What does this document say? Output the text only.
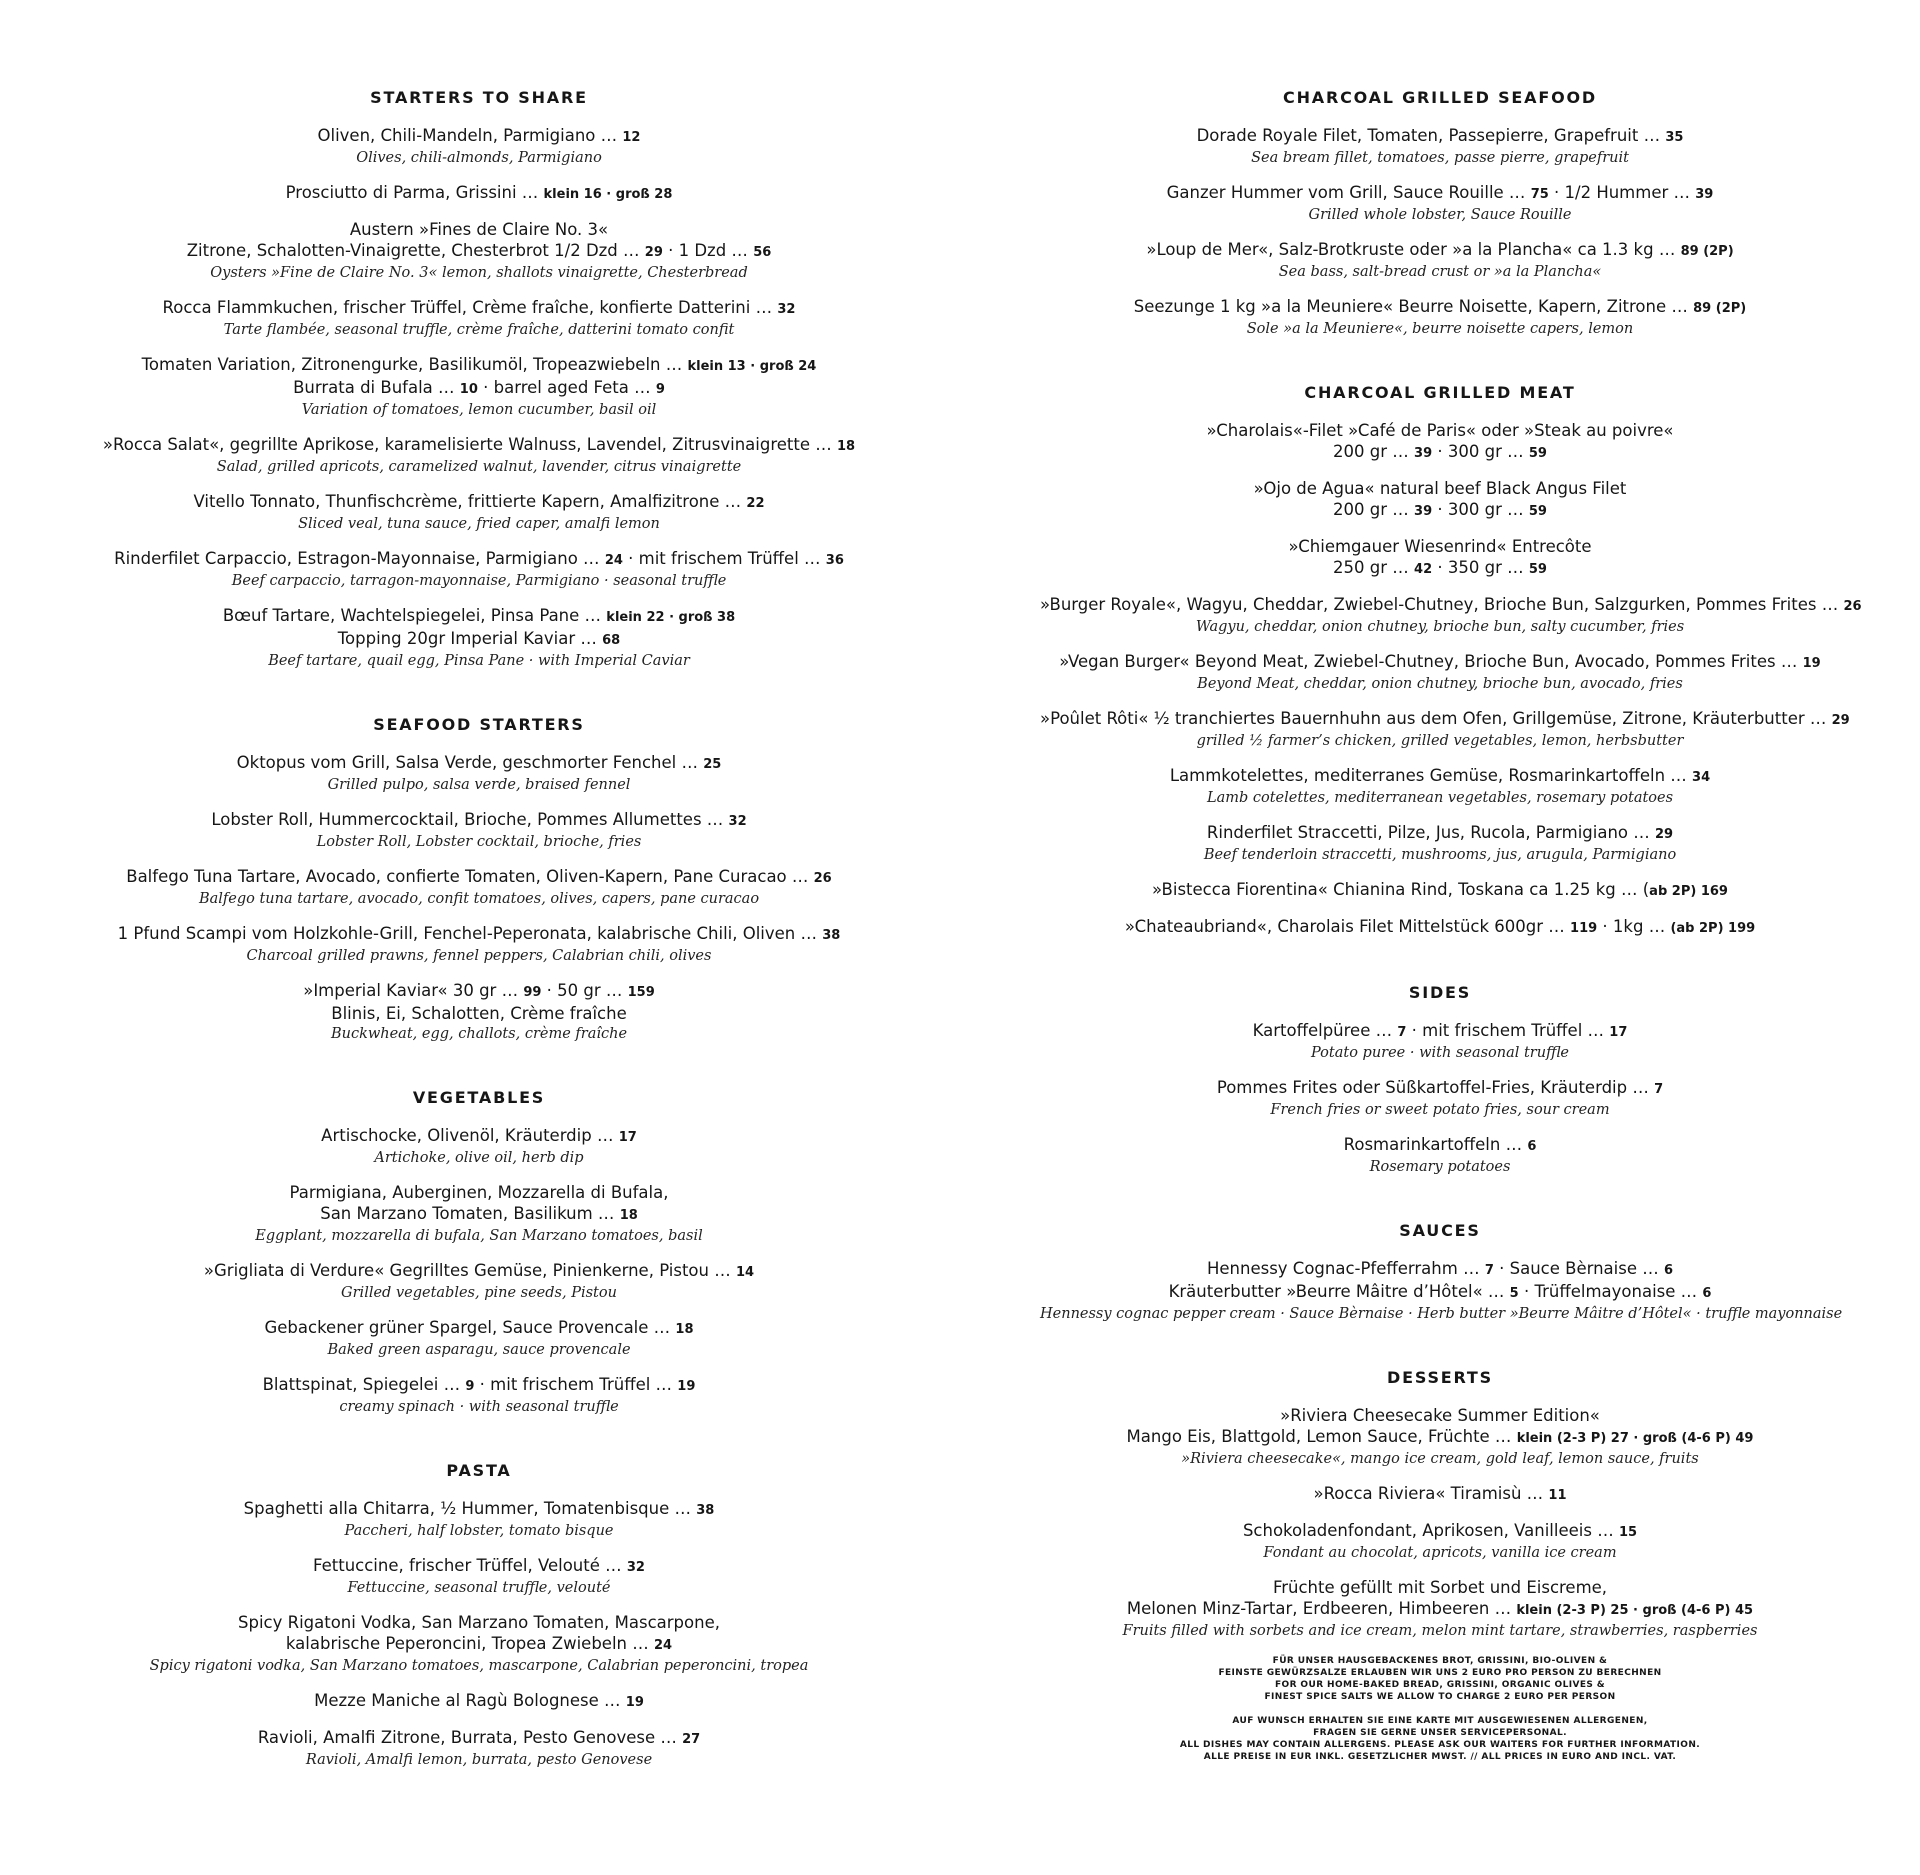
STARTERS TO SHARE
Oliven, Chili-Mandeln, Parmigiano … 12
Olives, chili-almonds, Parmigiano
Prosciutto di Parma, Grissini … klein 16 · groß 28
Austern »Fines de Claire No. 3«
Zitrone, Schalotten-Vinaigrette, Chesterbrot 1/2 Dzd … 29 · 1 Dzd … 56
Oysters »Fine de Claire No. 3« lemon, shallots vinaigrette, Chesterbread
Rocca Flammkuchen, frischer Trüffel, Crème fraîche, konfierte Datterini … 32
Tarte flambée, seasonal truffle, crème fraîche, datterini tomato confit
Tomaten Variation, Zitronengurke, Basilikumöl, Tropeazwiebeln … klein 13 · groß 24
Burrata di Bufala … 10 · barrel aged Feta … 9
Variation of tomatoes, lemon cucumber, basil oil
»Rocca Salat«, gegrillte Aprikose, karamelisierte Walnuss, Lavendel, Zitrusvinaigrette … 18
Salad, grilled apricots, caramelized walnut, lavender, citrus vinaigrette
Vitello Tonnato, Thunfischcrème, frittierte Kapern, Amalfizitrone … 22
Sliced veal, tuna sauce, fried caper, amalfi lemon
Rinderfilet Carpaccio, Estragon-Mayonnaise, Parmigiano … 24 · mit frischem Trüffel … 36
Beef carpaccio, tarragon-mayonnaise, Parmigiano · seasonal truffle
Bœuf Tartare, Wachtelspiegelei, Pinsa Pane … klein 22 · groß 38
Topping 20gr Imperial Kaviar … 68
Beef tartare, quail egg, Pinsa Pane · with Imperial Caviar
SEAFOOD STARTERS
Oktopus vom Grill, Salsa Verde, geschmorter Fenchel … 25
Grilled pulpo, salsa verde, braised fennel
Lobster Roll, Hummercocktail, Brioche, Pommes Allumettes … 32
Lobster Roll, Lobster cocktail, brioche, fries
Balfego Tuna Tartare, Avocado, confierte Tomaten, Oliven-Kapern, Pane Curacao … 26
Balfego tuna tartare, avocado, confit tomatoes, olives, capers, pane curacao
1 Pfund Scampi vom Holzkohle-Grill, Fenchel-Peperonata, kalabrische Chili, Oliven … 38
Charcoal grilled prawns, fennel peppers, Calabrian chili, olives
»Imperial Kaviar« 30 gr … 99 · 50 gr … 159
Blinis, Ei, Schalotten, Crème fraîche
Buckwheat, egg, challots, crème fraîche
VEGETABLES
Artischocke, Olivenöl, Kräuterdip … 17
Artichoke, olive oil, herb dip
Parmigiana, Auberginen, Mozzarella di Bufala,
San Marzano Tomaten, Basilikum … 18
Eggplant, mozzarella di bufala, San Marzano tomatoes, basil
»Grigliata di Verdure« Gegrilltes Gemüse, Pinienkerne, Pistou … 14
Grilled vegetables, pine seeds, Pistou
Gebackener grüner Spargel, Sauce Provencale … 18
Baked green asparagu, sauce provencale
Blattspinat, Spiegelei … 9 · mit frischem Trüffel … 19
creamy spinach · with seasonal truffle
PASTA
Spaghetti alla Chitarra, ½ Hummer, Tomatenbisque … 38
Paccheri, half lobster, tomato bisque
Fettuccine, frischer Trüffel, Velouté … 32
Fettuccine, seasonal truffle, velouté
Spicy Rigatoni Vodka, San Marzano Tomaten, Mascarpone,
kalabrische Peperoncini, Tropea Zwiebeln … 24
Spicy rigatoni vodka, San Marzano tomatoes, mascarpone, Calabrian peperoncini, tropea
Mezze Maniche al Ragù Bolognese … 19
Ravioli, Amalfi Zitrone, Burrata, Pesto Genovese … 27
Ravioli, Amalfi lemon, burrata, pesto Genovese
CHARCOAL GRILLED SEAFOOD
Dorade Royale Filet, Tomaten, Passepierre, Grapefruit … 35
Sea bream fillet, tomatoes, passe pierre, grapefruit
Ganzer Hummer vom Grill, Sauce Rouille … 75 · 1/2 Hummer … 39
Grilled whole lobster, Sauce Rouille
»Loup de Mer«, Salz-Brotkruste oder »a la Plancha« ca 1.3 kg … 89 (2P)
Sea bass, salt-bread crust or »a la Plancha«
Seezunge 1 kg »a la Meuniere« Beurre Noisette, Kapern, Zitrone … 89 (2P)
Sole »a la Meuniere«, beurre noisette capers, lemon
CHARCOAL GRILLED MEAT
»Charolais«-Filet »Café de Paris« oder »Steak au poivre«
200 gr … 39 · 300 gr … 59
»Ojo de Agua« natural beef Black Angus Filet
200 gr … 39 · 300 gr … 59
»Chiemgauer Wiesenrind« Entrecôte
250 gr … 42 · 350 gr … 59
»Burger Royale«, Wagyu, Cheddar, Zwiebel-Chutney, Brioche Bun, Salzgurken, Pommes Frites … 26
Wagyu, cheddar, onion chutney, brioche bun, salty cucumber, fries
»Vegan Burger« Beyond Meat, Zwiebel-Chutney, Brioche Bun, Avocado, Pommes Frites … 19
Beyond Meat, cheddar, onion chutney, brioche bun, avocado, fries
»Poûlet Rôti« ½ tranchiertes Bauernhuhn aus dem Ofen, Grillgemüse, Zitrone, Kräuterbutter … 29
grilled ½ farmer’s chicken, grilled vegetables, lemon, herbsbutter
Lammkotelettes, mediterranes Gemüse, Rosmarinkartoffeln … 34
Lamb cotelettes, mediterranean vegetables, rosemary potatoes
Rinderfilet Straccetti, Pilze, Jus, Rucola, Parmigiano … 29
Beef tenderloin straccetti, mushrooms, jus, arugula, Parmigiano
»Bistecca Fiorentina« Chianina Rind, Toskana ca 1.25 kg … (ab 2P) 169
»Chateaubriand«, Charolais Filet Mittelstück 600gr … 119 · 1kg … (ab 2P) 199
SIDES
Kartoffelpüree … 7 · mit frischem Trüffel … 17
Potato puree · with seasonal truffle
Pommes Frites oder Süßkartoffel-Fries, Kräuterdip … 7
French fries or sweet potato fries, sour cream
Rosmarinkartoffeln … 6
Rosemary potatoes
SAUCES
Hennessy Cognac-Pfefferrahm … 7 · Sauce Bèrnaise … 6
Kräuterbutter »Beurre Mâitre d’Hôtel« … 5 · Trüffelmayonaise … 6
Hennessy cognac pepper cream · Sauce Bèrnaise · Herb butter »Beurre Mâitre d’Hôtel« · truffle mayonnaise
DESSERTS
»Riviera Cheesecake Summer Edition«
Mango Eis, Blattgold, Lemon Sauce, Früchte … klein (2-3 P) 27 · groß (4-6 P) 49
»Riviera cheesecake«, mango ice cream, gold leaf, lemon sauce, fruits
»Rocca Riviera« Tiramisù … 11
Schokoladenfondant, Aprikosen, Vanilleeis … 15
Fondant au chocolat, apricots, vanilla ice cream
Früchte gefüllt mit Sorbet und Eiscreme,
Melonen Minz-Tartar, Erdbeeren, Himbeeren … klein (2-3 P) 25 · groß (4-6 P) 45
Fruits filled with sorbets and ice cream, melon mint tartare, strawberries, raspberries
FÜR UNSER HAUSGEBACKENES BROT, GRISSINI, BIO-OLIVEN &
FEINSTE GEWÜRZSALZE ERLAUBEN WIR UNS 2 EURO PRO PERSON ZU BERECHNEN
FOR OUR HOME-BAKED BREAD, GRISSINI, ORGANIC OLIVES &
FINEST SPICE SALTS WE ALLOW TO CHARGE 2 EURO PER PERSON
AUF WUNSCH ERHALTEN SIE EINE KARTE MIT AUSGEWIESENEN ALLERGENEN,
FRAGEN SIE GERNE UNSER SERVICEPERSONAL.
ALL DISHES MAY CONTAIN ALLERGENS. PLEASE ASK OUR WAITERS FOR FURTHER INFORMATION.
ALLE PREISE IN EUR INKL. GESETZLICHER MWST. // ALL PRICES IN EURO AND INCL. VAT.
